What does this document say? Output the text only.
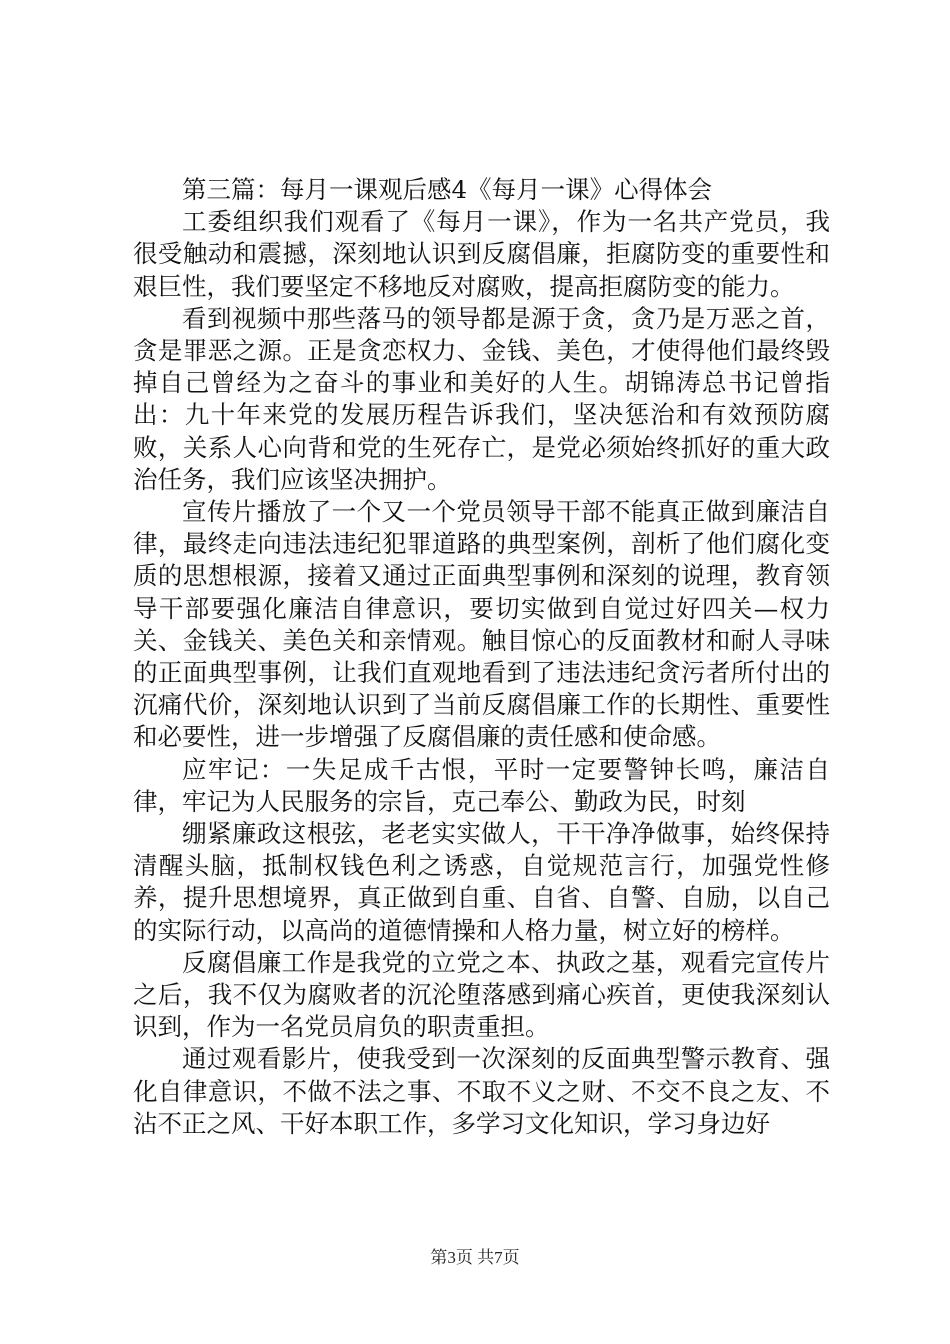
第三篇：每月一课观后感4《每月一课》心得体会

工委组织我们观看了《每月一课》，作为一名共产党员，我很受触动和震撼，深刻地认识到反腐倡廉，拒腐防变的重要性和艰巨性，我们要坚定不移地反对腐败，提高拒腐防变的能力。

看到视频中那些落马的领导都是源于贪，贪乃是万恶之首，贪是罪恶之源。正是贪恋权力、金钱、美色，才使得他们最终毁掉自己曾经为之奋斗的事业和美好的人生。胡锦涛总书记曾指出：九十年来党的发展历程告诉我们，坚决惩治和有效预防腐败，关系人心向背和党的生死存亡，是党必须始终抓好的重大政治任务，我们应该坚决拥护。

宣传片播放了一个又一个党员领导干部不能真正做到廉洁自律，最终走向违法违纪犯罪道路的典型案例，剖析了他们腐化变质的思想根源，接着又通过正面典型事例和深刻的说理，教育领导干部要强化廉洁自律意识，要切实做到自觉过好四关—权力关、金钱关、美色关和亲情观。触目惊心的反面教材和耐人寻味的正面典型事例，让我们直观地看到了违法违纪贪污者所付出的沉痛代价，深刻地认识到了当前反腐倡廉工作的长期性、重要性和必要性，进一步增强了反腐倡廉的责任感和使命感。

应牢记：一失足成千古恨，平时一定要警钟长鸣，廉洁自律，牢记为人民服务的宗旨，克己奉公、勤政为民，时刻

绷紧廉政这根弦，老老实实做人，干干净净做事，始终保持清醒头脑，抵制权钱色利之诱惑，自觉规范言行，加强党性修养，提升思想境界，真正做到自重、自省、自警、自励，以自己的实际行动，以高尚的道德情操和人格力量，树立好的榜样。

反腐倡廉工作是我党的立党之本、执政之基，观看完宣传片之后，我不仅为腐败者的沉沦堕落感到痛心疾首，更使我深刻认识到，作为一名党员肩负的职责重担。

通过观看影片，使我受到一次深刻的反面典型警示教育、强化自律意识，不做不法之事、不取不义之财、不交不良之友、不沾不正之风、干好本职工作，多学习文化知识，学习身边好

第3页 共7页
